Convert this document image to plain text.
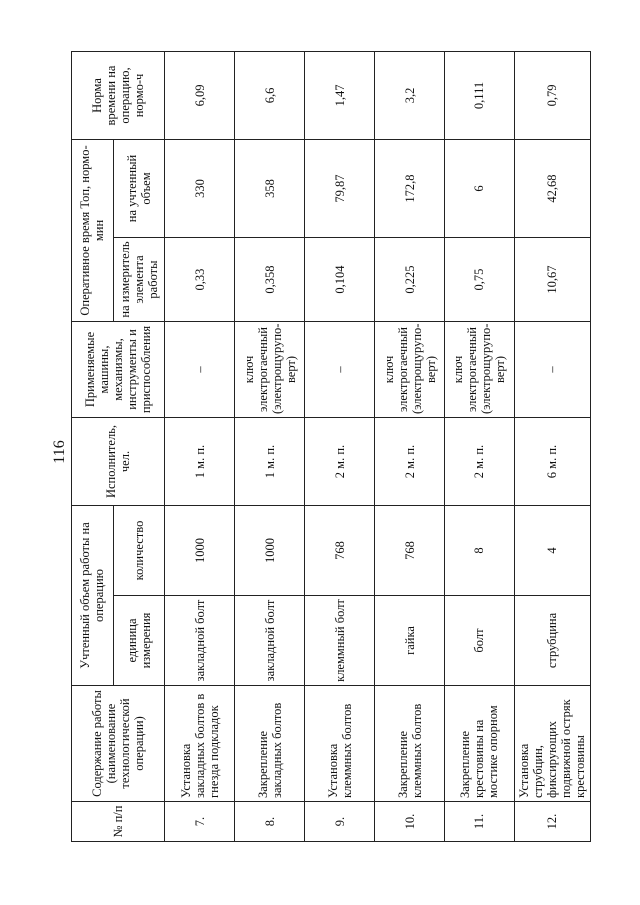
116
№ п/п	Содержание работы (наименование технологической операции)	Учтенный объем работы на операцию		Исполнитель, чел.	Применяемые машины, механизмы, инструменты и приспособления	Оперативное время Топ, нормо-мин		Норма времени на операцию, нормо-ч
		единица измерения	количество			на измеритель элемента работы	на учтенный объем	
7.	Установка закладных болтов в гнезда подкладок	закладной болт	1000	1 м. п.	–	0,33	330	6,09
8.	Закрепление закладных болтов	закладной болт	1000	1 м. п.	ключ электрогаечный (электрощурупо-верт)	0,358	358	6,6
9.	Установка клеммных болтов	клеммный болт	768	2 м. п.	–	0,104	79,87	1,47
10.	Закрепление клеммных болтов	гайка	768	2 м. п.	ключ электрогаечный (электрощурупо-верт)	0,225	172,8	3,2
11.	Закрепление крестовины на мостике опорном	болт	8	2 м. п.	ключ электрогаечный (электрощурупо-верт)	0,75	6	0,111
12.	Установка струбцин, фиксирующих подвижной остряк крестовины	струбцина	4	6 м. п.	–	10,67	42,68	0,79
